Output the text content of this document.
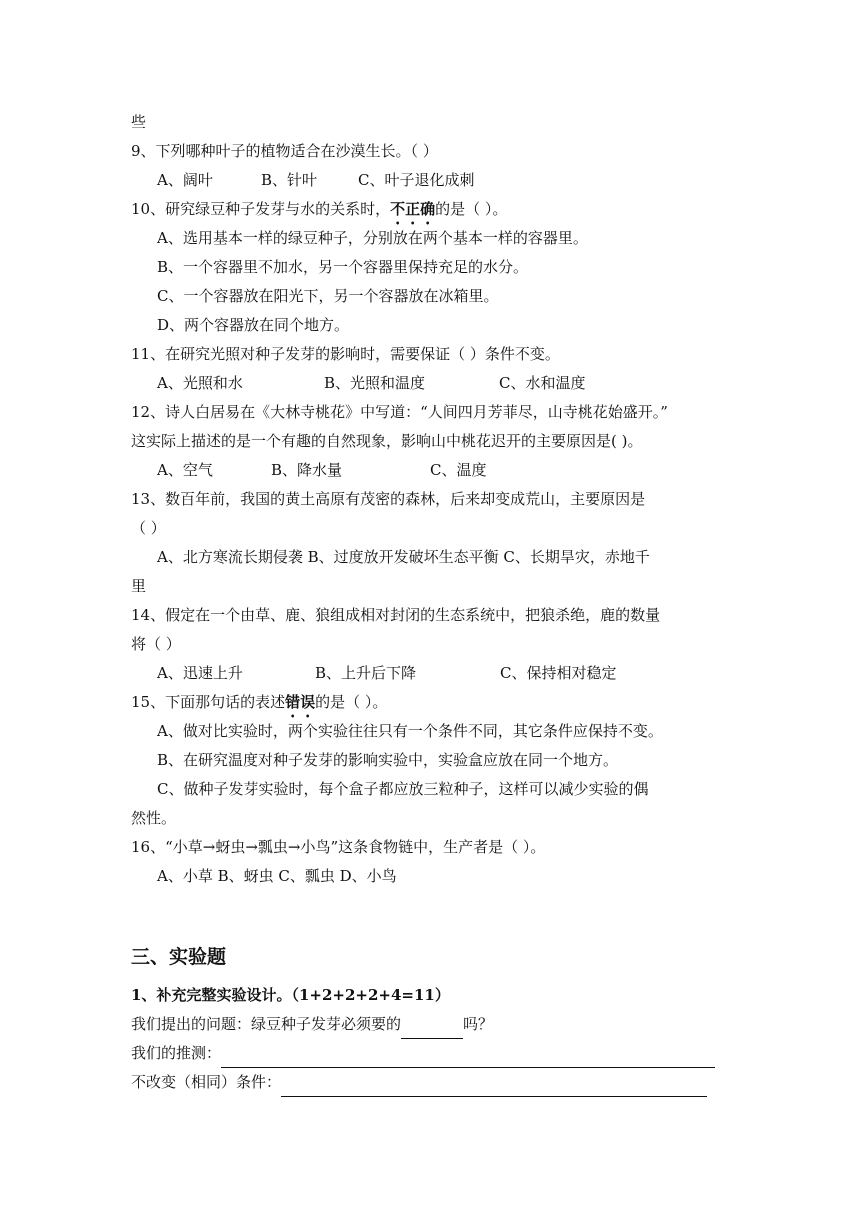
些
9、下列哪种叶子的植物适合在沙漠生长。（ ）
A、阔叶	B、针叶	C、叶子退化成刺
10、研究绿豆种子发芽与水的关系时，不正确的是（ ）。
A、选用基本一样的绿豆种子，分别放在两个基本一样的容器里。
B、一个容器里不加水，另一个容器里保持充足的水分。
C、一个容器放在阳光下，另一个容器放在冰箱里。
D、两个容器放在同个地方。
11、在研究光照对种子发芽的影响时，需要保证（ ）条件不变。
A、光照和水	B、光照和温度	C、水和温度
12、诗人白居易在《大林寺桃花》中写道：“人间四月芳菲尽，山寺桃花始盛开。”
这实际上描述的是一个有趣的自然现象，影响山中桃花迟开的主要原因是( )。
A、空气	B、降水量	C、温度
13、数百年前，我国的黄土高原有茂密的森林，后来却变成荒山，主要原因是
（ ）
A、北方寒流长期侵袭 B、过度放开发破坏生态平衡 C、长期旱灾，赤地千
里
14、假定在一个由草、鹿、狼组成相对封闭的生态系统中，把狼杀绝，鹿的数量
将（ ）
A、迅速上升	B、上升后下降	C、保持相对稳定
15、下面那句话的表述错误的是（ ）。
A、做对比实验时，两个实验往往只有一个条件不同，其它条件应保持不变。
B、在研究温度对种子发芽的影响实验中，实验盒应放在同一个地方。
C、做种子发芽实验时，每个盒子都应放三粒种子，这样可以减少实验的偶
然性。
16、“小草→蚜虫→瓢虫→小鸟”这条食物链中，生产者是（ ）。
A、小草 B、蚜虫 C、瓢虫 D、小鸟
三、实验题
1、补充完整实验设计。（1+2+2+2+4=11）
我们提出的问题：绿豆种子发芽必须要的	吗？
我们的推测：
不改变（相同）条件：
